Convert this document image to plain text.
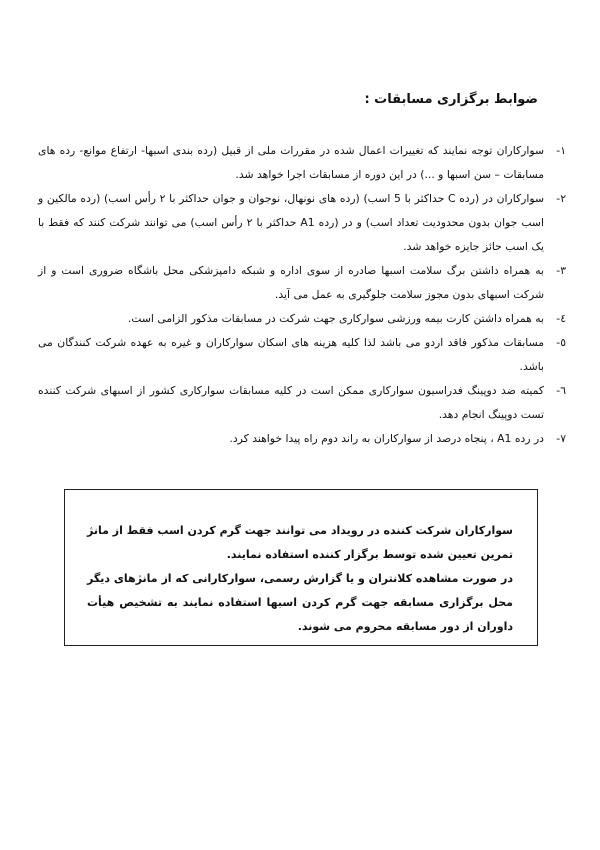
ضوابط برگزاری مسابقات :
١-
سوارکاران توجه نمایند که تغییرات اعمال شده در مقررات ملی از قبیل (رده بندی اسبها- ارتفاع موانع- رده های مسابقات – سن اسبها و ...) در این دوره از مسابقات اجرا خواهد شد.
٢-
سوارکاران در (رده C حداکثر با 5 اسب) (رده های نونهال، نوجوان و جوان حداکثر با ٢ رأس اسب) (رده مالکین و اسب جوان بدون محدودیت تعداد اسب) و در (رده A1 حداکثر با ٢ رأس اسب) می توانند شرکت کنند که فقط با یک اسب حائز جایزه خواهد شد.
٣-
به همراه داشتن برگ سلامت اسبها صادره از سوی اداره و شبکه دامپزشکی محل باشگاه ضروری است و از شرکت اسبهای بدون مجوز سلامت جلوگیری به عمل می آید.
٤-
به همراه داشتن کارت بیمه ورزشی سوارکاری جهت شرکت در مسابقات مذکور الزامی است.
٥-
مسابقات مذکور فاقد اردو می باشد لذا کلیه هزینه های اسکان سوارکاران و غیره به عهده شرکت کنندگان می باشد.
٦-
کمیته ضد دوپینگ فدراسیون سوارکاری ممکن است در کلیه مسابقات سوارکاری کشور از اسبهای شرکت کننده تست دوپینگ انجام دهد.
٧-
در رده A1 ، پنجاه درصد از سوارکاران به راند دوم راه پیدا خواهند کرد.

سوارکاران شرکت کننده در رویداد می توانند جهت گرم کردن اسب فقط از مانژ تمرین تعیین شده توسط برگزار کننده استفاده نمایند.

در صورت مشاهده کلانتران و یا گزارش رسمی، سوارکارانی که از مانژهای دیگر محل برگزاری مسابقه جهت گرم کردن اسبها استفاده نمایند به تشخیص هیأت داوران از دور مسابقه محروم می شوند.
